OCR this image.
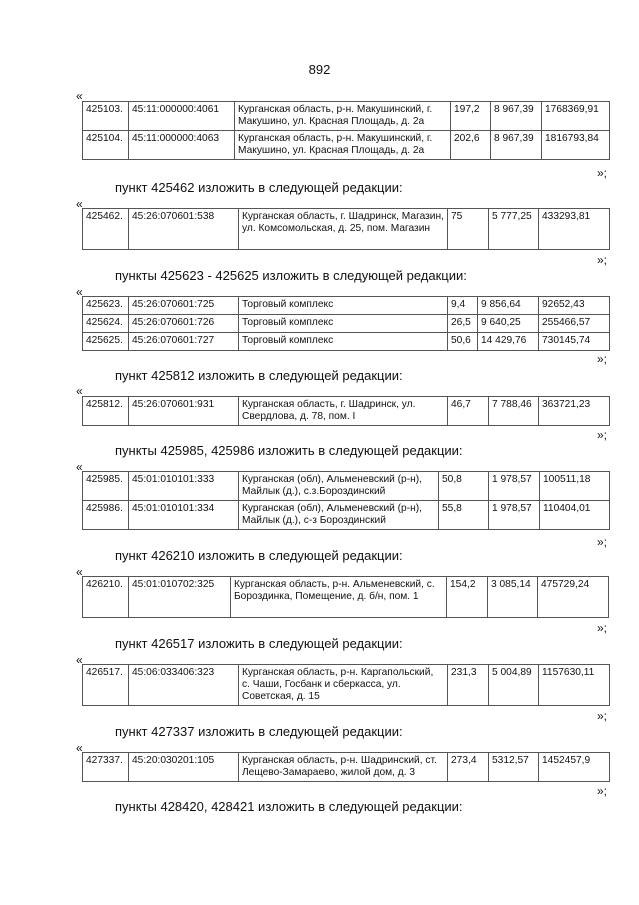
892
«
425103.	45:11:000000:4061	Курганская область, р-н. Макушинский, г. Макушино, ул. Красная Площадь, д. 2а	197,2	8 967,39	1768369,91
425104.	45:11:000000:4063	Курганская область, р-н. Макушинский, г. Макушино, ул. Красная Площадь, д. 2а	202,6	8 967,39	1816793,84
»;
пункт 425462 изложить в следующей редакции:
«
425462.	45:26:070601:538	Курганская область, г. Шадринск, Магазин, ул. Комсомольская, д. 25, пом. Магазин	75	5 777,25	433293,81
»;
пункты 425623 - 425625 изложить в следующей редакции:
«
425623.	45:26:070601:725	Торговый комплекс	9,4	9 856,64	92652,43
425624.	45:26:070601:726	Торговый комплекс	26,5	9 640,25	255466,57
425625.	45:26:070601:727	Торговый комплекс	50,6	14 429,76	730145,74
»;
пункт 425812 изложить в следующей редакции:
«
425812.	45:26:070601:931	Курганская область, г. Шадринск, ул. Свердлова, д. 78, пом. I	46,7	7 788,46	363721,23
»;
пункты 425985, 425986 изложить в следующей редакции:
«
425985.	45:01:010101:333	Курганская (обл), Альменевский (р-н), Майлык (д.), с.з.Бороздинский	50,8	1 978,57	100511,18
425986.	45:01:010101:334	Курганская (обл), Альменевский (р-н), Майлык (д.), с-з Бороздинский	55,8	1 978,57	110404,01
»;
пункт 426210 изложить в следующей редакции:
«
426210.	45:01:010702:325	Курганская область, р-н. Альменевский, с. Бороздинка, Помещение, д. б/н, пом. 1	154,2	3 085,14	475729,24
»;
пункт 426517 изложить в следующей редакции:
«
426517.	45:06:033406:323	Курганская область, р-н. Каргапольский, с. Чаши, Госбанк и сберкасса, ул. Советская, д. 15	231,3	5 004,89	1157630,11
»;
пункт 427337 изложить в следующей редакции:
«
427337.	45:20:030201:105	Курганская область, р-н. Шадринский, ст. Лещево-Замараево, жилой дом, д. 3	273,4	5312,57	1452457,9
»;
пункты 428420, 428421 изложить в следующей редакции:
